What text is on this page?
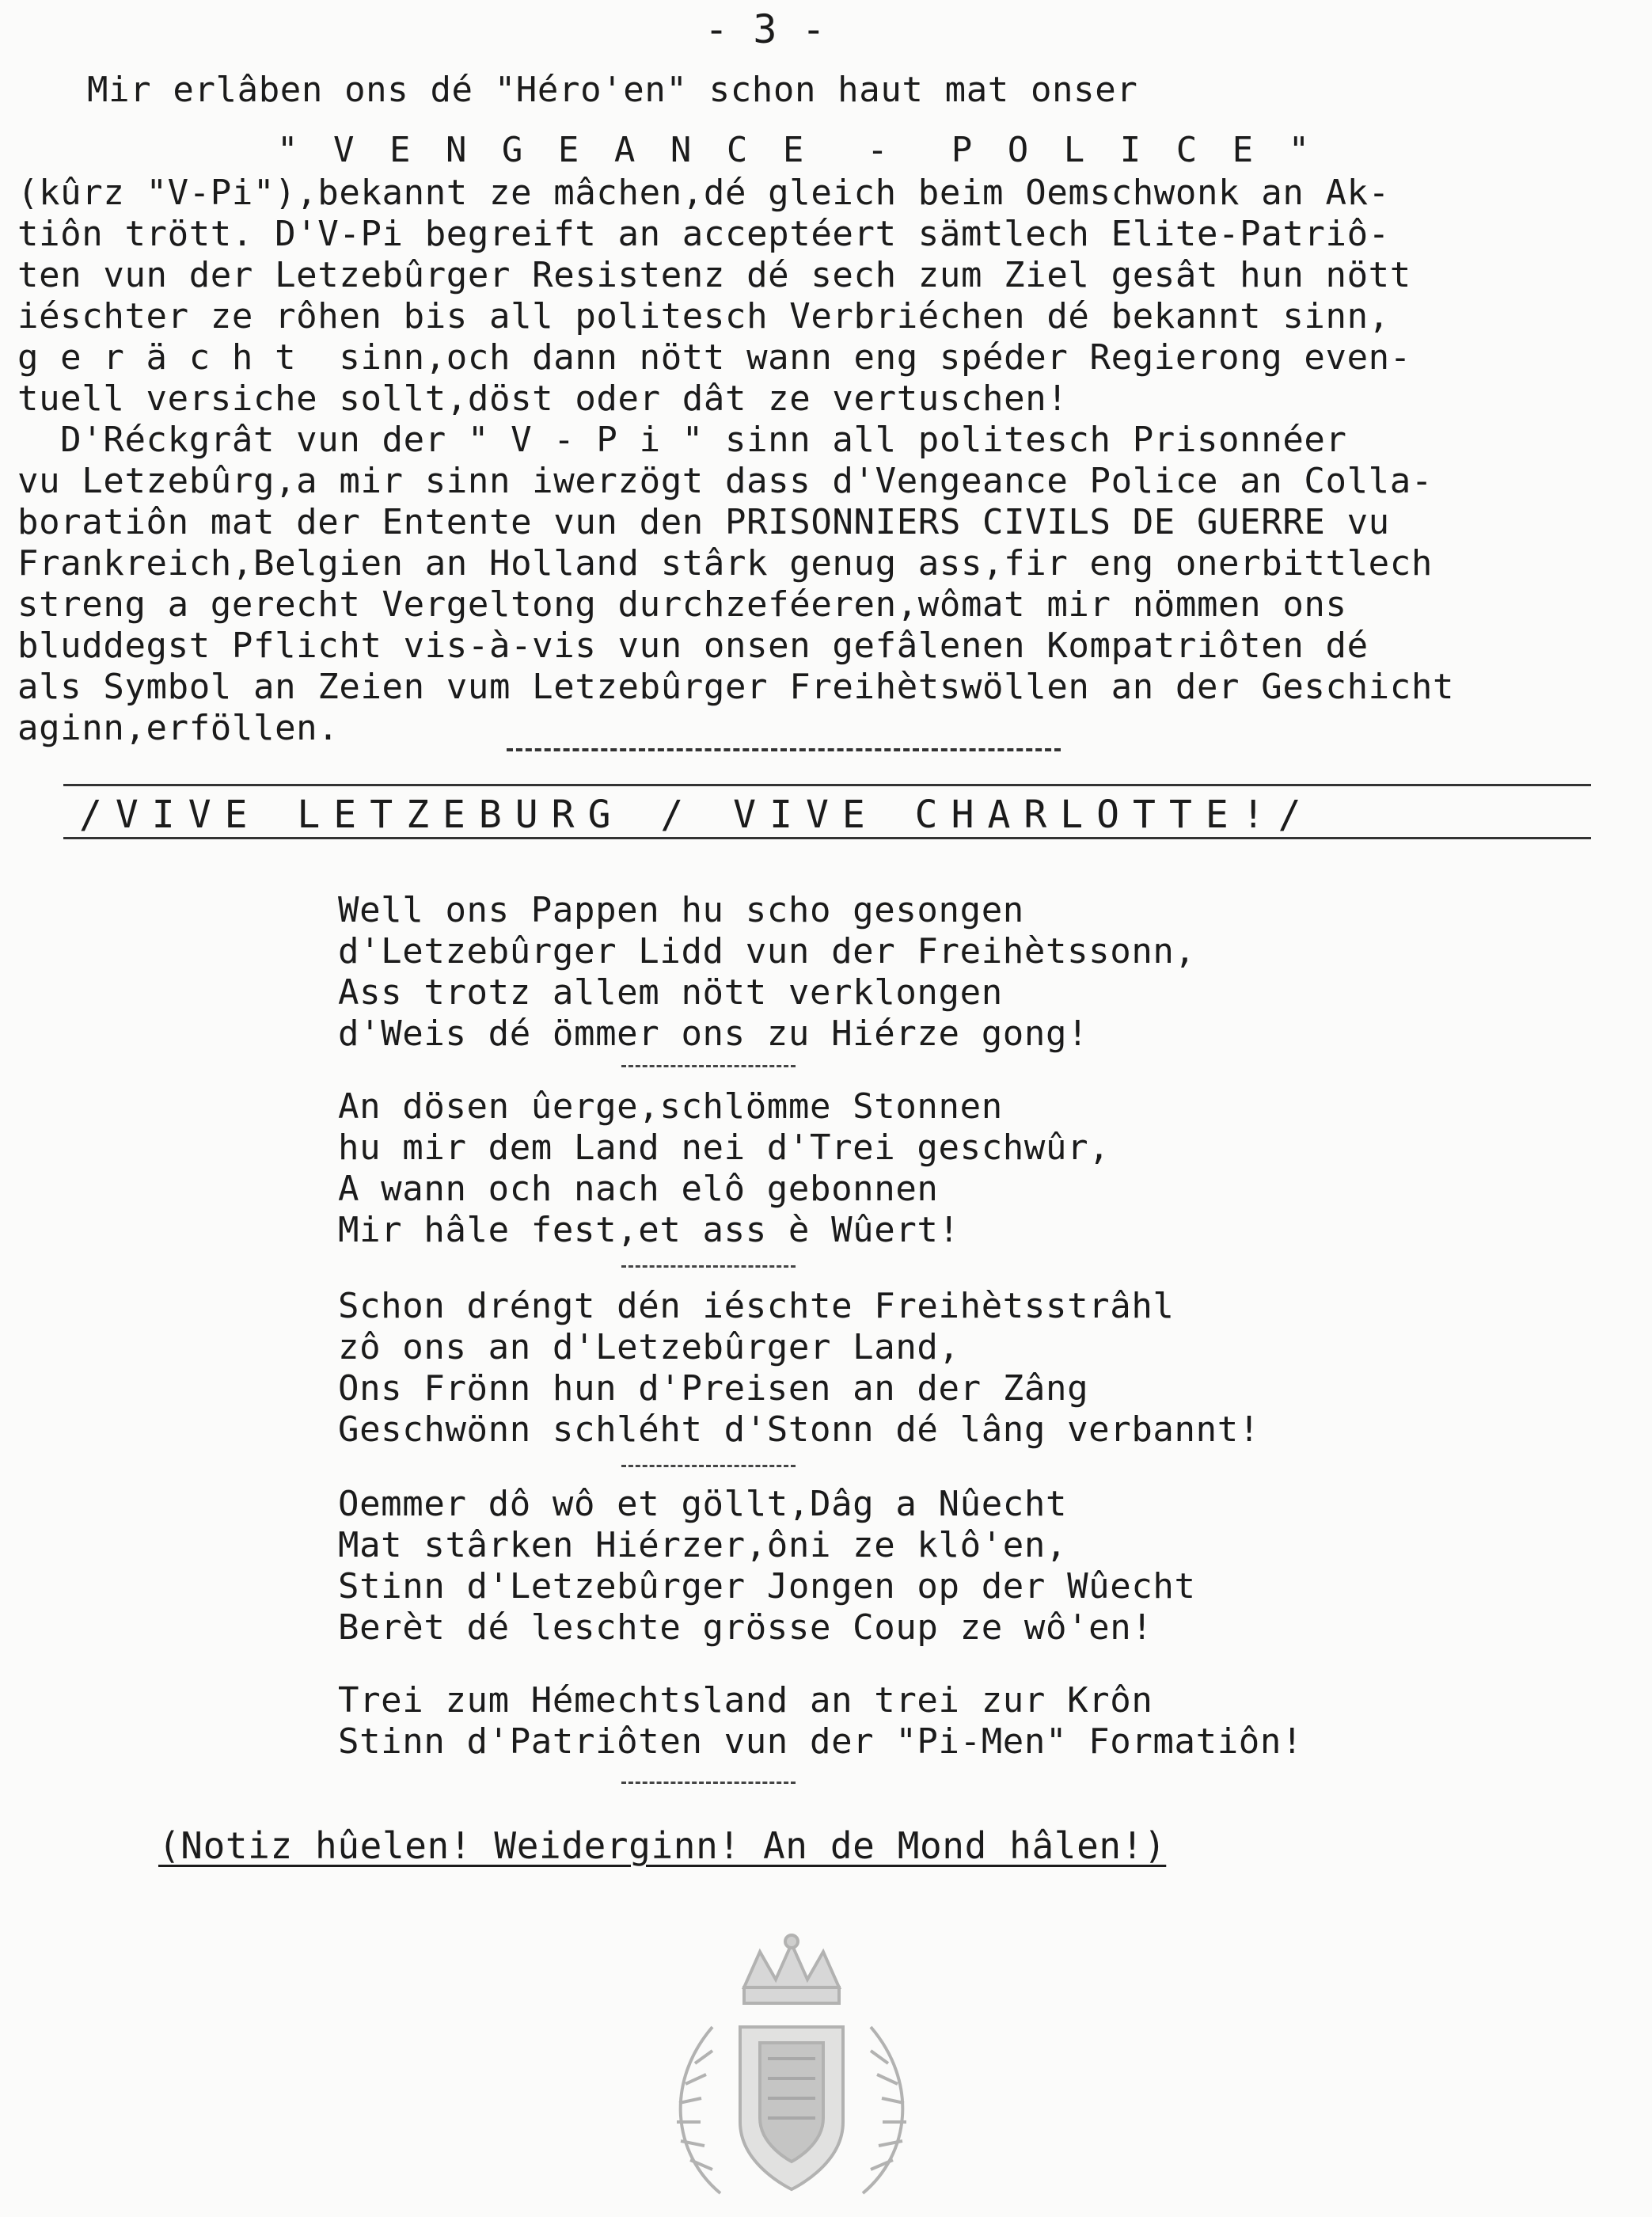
- 3 -
Mir erlâben ons dé "Héro'en" schon haut mat onser
" V E N G E A N C E  -  P O L I C E "
(kûrz "V-Pi"),bekannt ze mâchen,dé gleich beim Oemschwonk an Ak-
tiôn trött. D'V-Pi begreift an acceptéert sämtlech Elite-Patriô-
ten vun der Letzebûrger Resistenz dé sech zum Ziel gesât hun nött
iéschter ze rôhen bis all politesch Verbriéchen dé bekannt sinn,
g e r ä c h t  sinn,och dann nött wann eng spéder Regierong even-
tuell versiche sollt,döst oder dât ze vertuschen!
D'Réckgrât vun der " V - P i " sinn all politesch Prisonnéer
vu Letzebûrg,a mir sinn iwerzögt dass d'Vengeance Police an Colla-
boratiôn mat der Entente vun den PRISONNIERS CIVILS DE GUERRE vu
Frankreich,Belgien an Holland stârk genug ass,fir eng onerbittlech
streng a gerecht Vergeltong durchzeféeren,wômat mir nömmen ons
bluddegst Pflicht vis-à-vis vun onsen gefâlenen Kompatriôten dé
als Symbol an Zeien vum Letzebûrger Freihètswöllen an der Geschicht
aginn,erföllen.
/VIVE LETZEBURG / VIVE CHARLOTTE!/
Well ons Pappen hu scho gesongen
d'Letzebûrger Lidd vun der Freihètssonn,
Ass trotz allem nött verklongen
d'Weis dé ömmer ons zu Hiérze gong!
An dösen ûerge,schlömme Stonnen
hu mir dem Land nei d'Trei geschwûr,
A wann och nach elô gebonnen
Mir hâle fest,et ass è Wûert!
Schon dréngt dén iéschte Freihètsstrâhl
zô ons an d'Letzebûrger Land,
Ons Frönn hun d'Preisen an der Zâng
Geschwönn schléht d'Stonn dé lâng verbannt!
Oemmer dô wô et göllt,Dâg a Nûecht
Mat stârken Hiérzer,ôni ze klô'en,
Stinn d'Letzebûrger Jongen op der Wûecht
Berèt dé leschte grösse Coup ze wô'en!
Trei zum Hémechtsland an trei zur Krôn
Stinn d'Patriôten vun der "Pi-Men" Formatiôn!
(Notiz hûelen! Weiderginn! An de Mond hâlen!)
